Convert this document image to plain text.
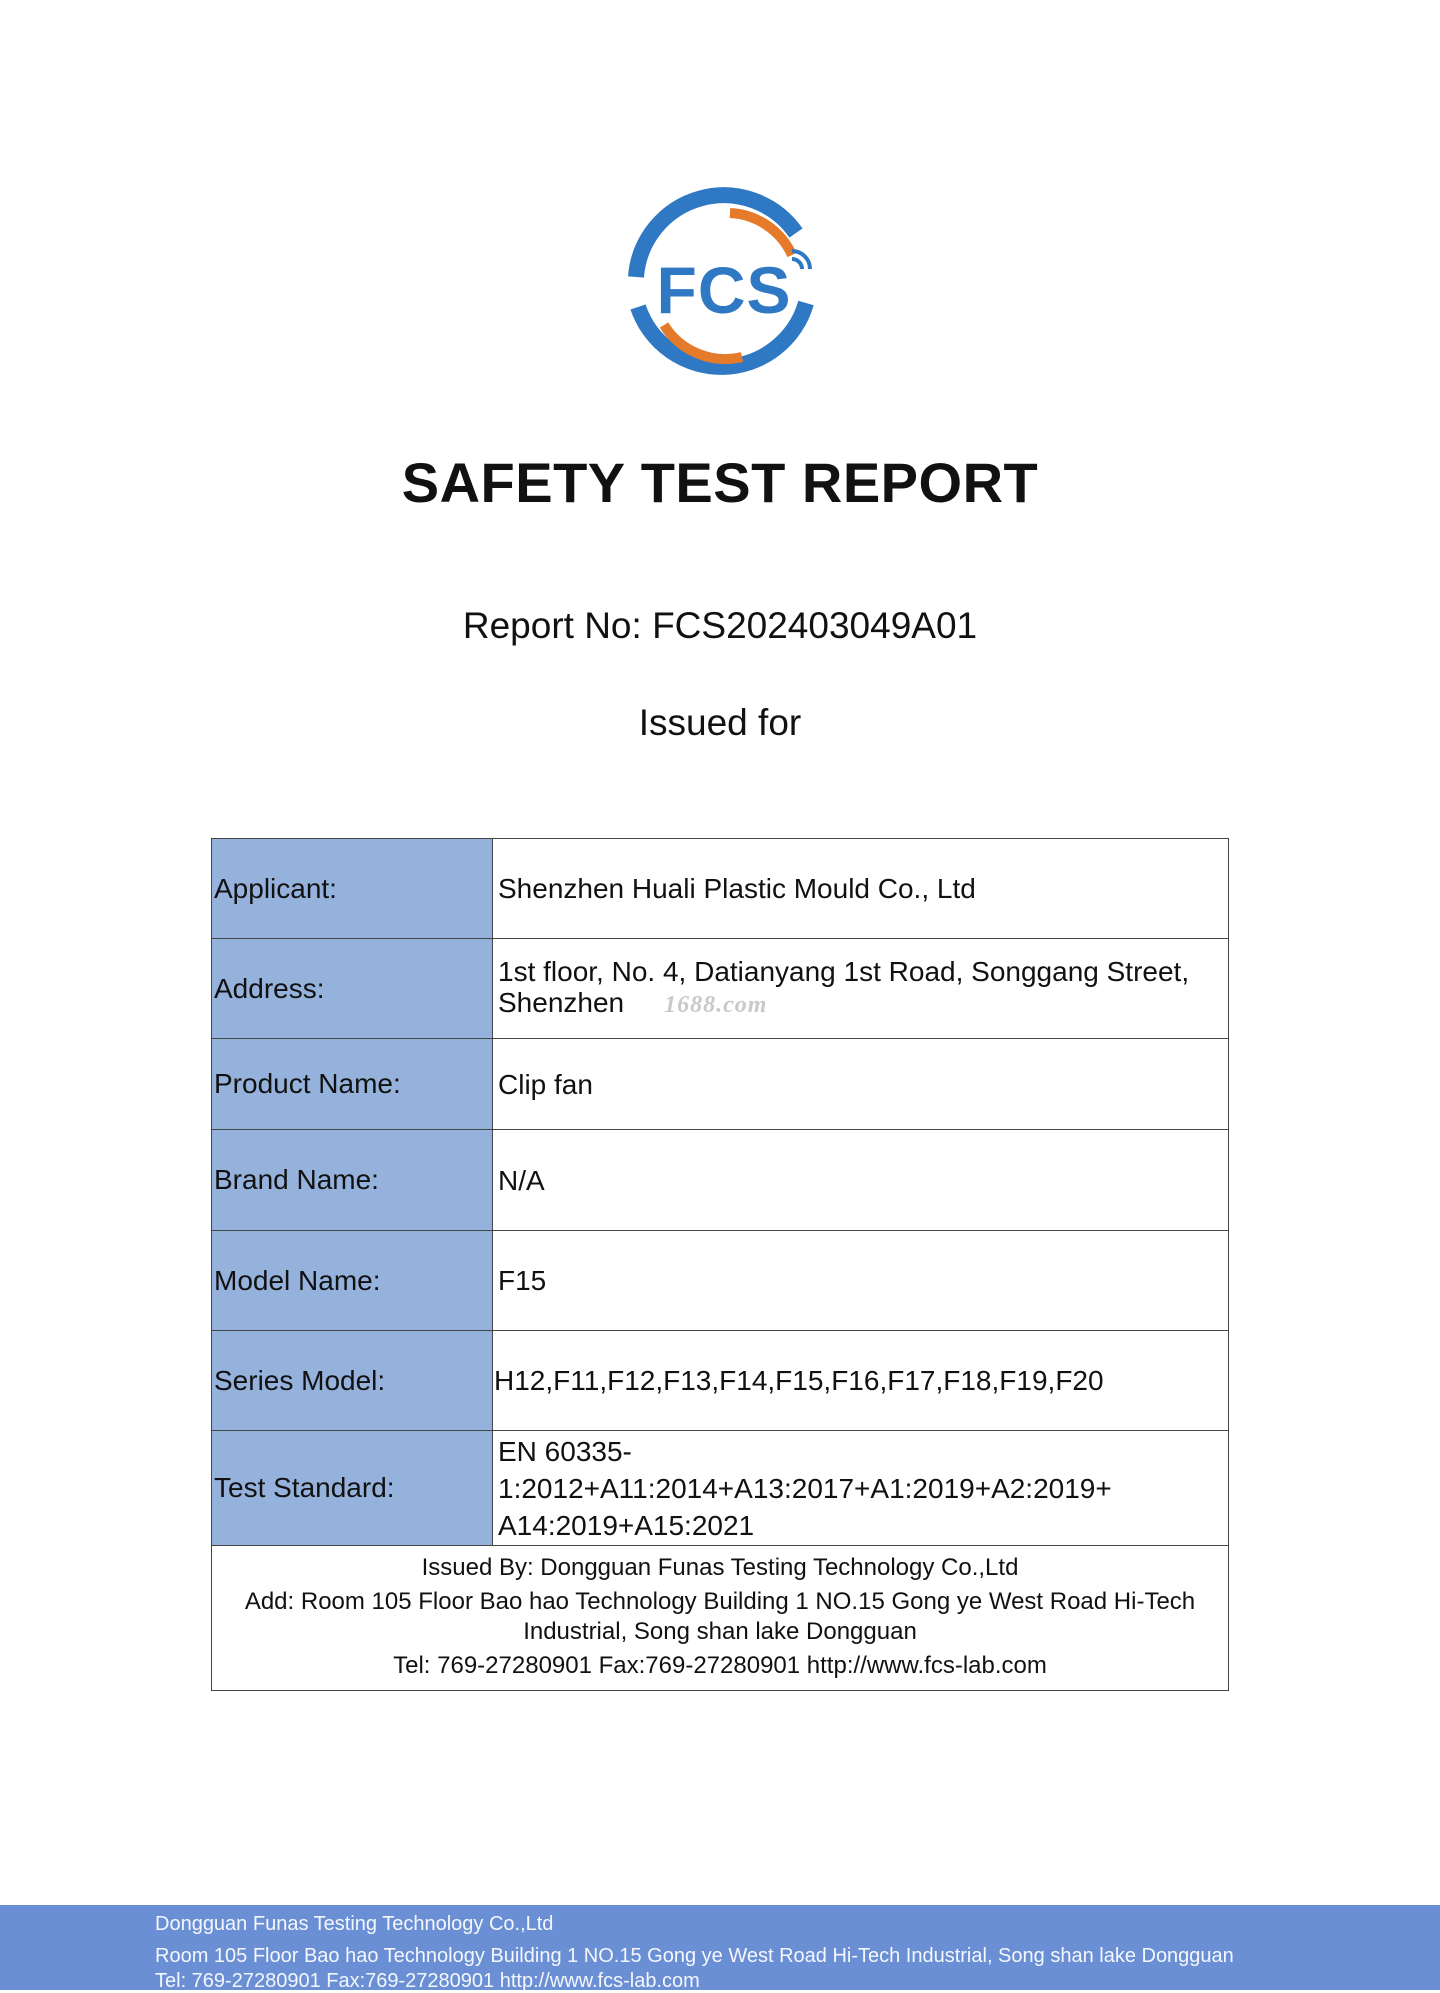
FCS
SAFETY TEST REPORT
Report No: FCS202403049A01
Issued for
Applicant:	Shenzhen Huali Plastic Mould Co., Ltd
Address:	1st floor, No. 4, Datianyang 1st Road, Songgang Street,
Shenzhen 1688.com

Product Name:	Clip fan
Brand Name:	N/A
Model Name:	F15
Series Model:	H12,F11,F12,F13,F14,F15,F16,F17,F18,F19,F20
Test Standard:	EN 60335-1:2012+A11:2014+A13:2017+A1:2019+A2:2019+
A14:2019+A15:2021

Issued By: Dongguan Funas Testing Technology Co.,Ltd
Add: Room 105 Floor Bao hao Technology Building 1 NO.15 Gong ye West Road Hi-Tech
Industrial, Song shan lake Dongguan
Tel: 769-27280901 Fax:769-27280901 http://www.fcs-lab.com	
Dongguan Funas Testing Technology Co.,Ltd
Room 105 Floor Bao hao Technology Building 1 NO.15 Gong ye West Road Hi-Tech Industrial, Song shan lake Dongguan
Tel: 769-27280901 Fax:769-27280901 http://www.fcs-lab.com
